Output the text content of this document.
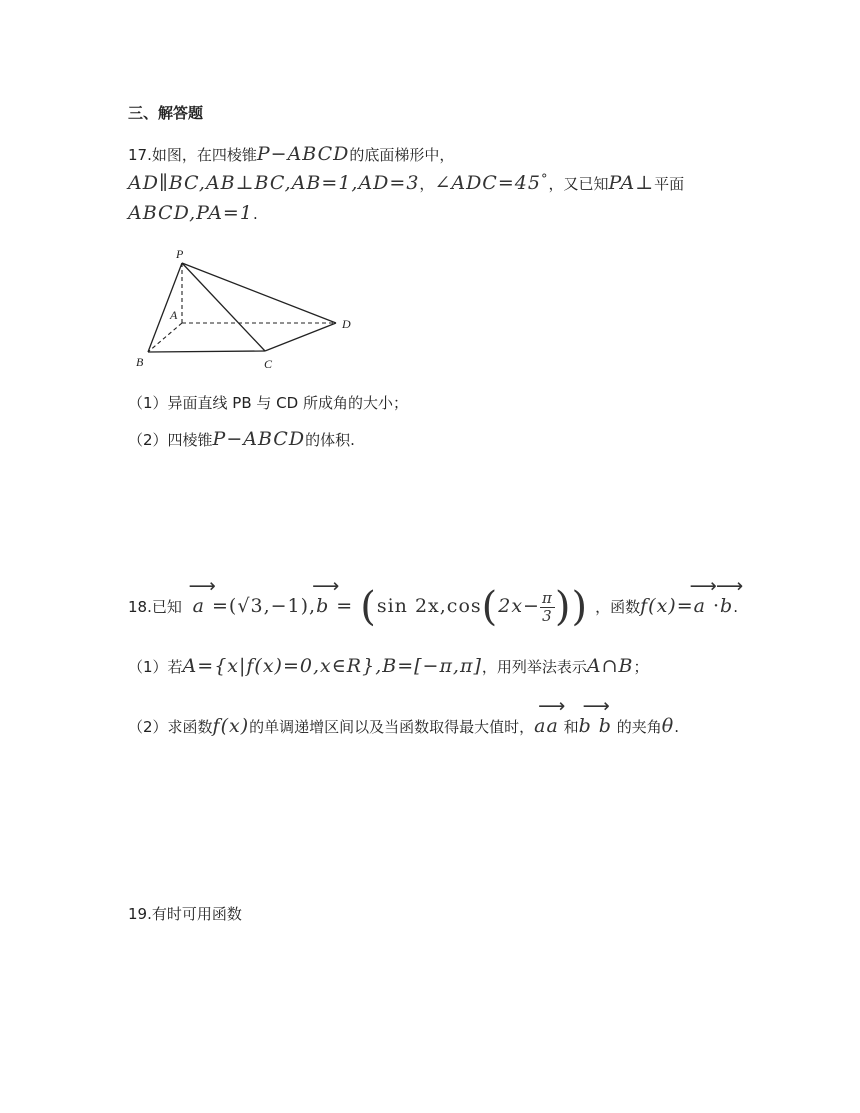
三、解答题
17.如图，在四棱锥P−ABCD的底面梯形中，
AD∥BC,AB⊥BC,AB=1,AD=3，∠ADC=45°，又已知PA⊥平面
ABCD,PA=1.
P
A
B	C
D
（1）异面直线 PB 与 CD 所成角的大小；
（2）四棱锥P−ABCD的体积.
18.已知
⟶
a =(√3,−1),
⟶
b = (sin $2x,\cos(2x- \frac{\pi}{3}$ )) ，函数f(x)=
⟶
a ·
⟶
b.
（1）若A={x|f(x)=0,x∈R},B=[−π,π]，用列举法表示A∩B；
（2）求函数f(x)的单调递增区间以及当函数取得最大值时，
⟶
aa 和
⟶
b b 的夹角θ.
19.有时可用函数
